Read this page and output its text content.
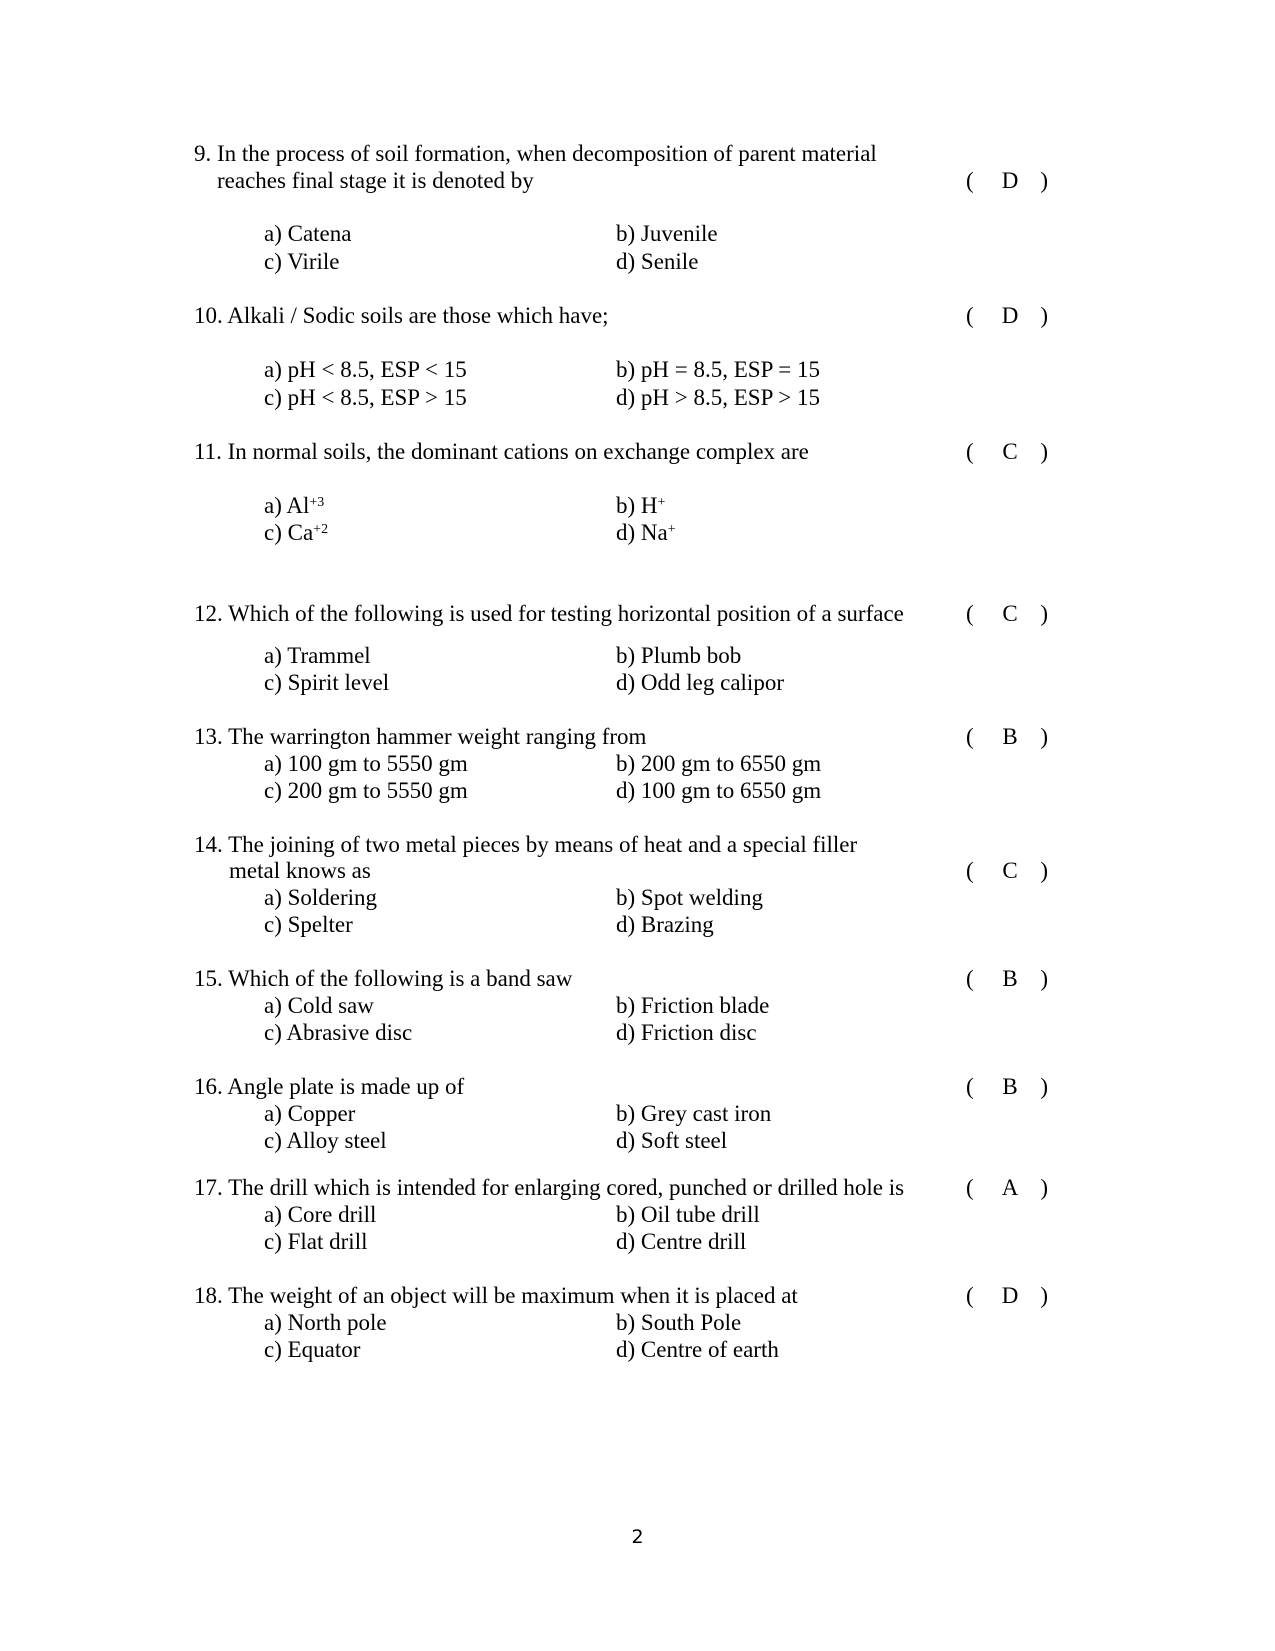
9. In the process of soil formation, when decomposition of parent material
reaches final stage it is denoted by	(	D )
a) Catena	b) Juvenile
c) Virile	d) Senile
10. Alkali / Sodic soils are those which have;	(	D )
a) pH < 8.5, ESP < 15	b) pH = 8.5, ESP = 15
c) pH < 8.5, ESP > 15	d) pH > 8.5, ESP > 15
11. In normal soils, the dominant cations on exchange complex are	(	C )
a) $Al^{+3}$	b) H+
c) $Ca^{+2}$	d) Na+
12. Which of the following is used for testing horizontal position of a surface	(	C )
a) Trammel	b) Plumb bob
c) Spirit level	d) Odd leg calipor
13. The warrington hammer weight ranging from	(	B )
a) 100 gm to 5550 gm	b) 200 gm to 6550 gm
c) 200 gm to 5550 gm	d) 100 gm to 6550 gm
14. The joining of two metal pieces by means of heat and a special filler
metal knows as	(	C )
a) Soldering	b) Spot welding
c) Spelter	d) Brazing
15. Which of the following is a band saw	(	B )
a) Cold saw	b) Friction blade
c) Abrasive disc	d) Friction disc
16. Angle plate is made up of	(	B )
a) Copper	b) Grey cast iron
c) Alloy steel	d) Soft steel
17. The drill which is intended for enlarging cored, punched or drilled hole is	(	A )
a) Core drill	b) Oil tube drill
c) Flat drill	d) Centre drill
18. The weight of an object will be maximum when it is placed at	(	D )
a) North pole	b) South Pole
c) Equator	d) Centre of earth
2
